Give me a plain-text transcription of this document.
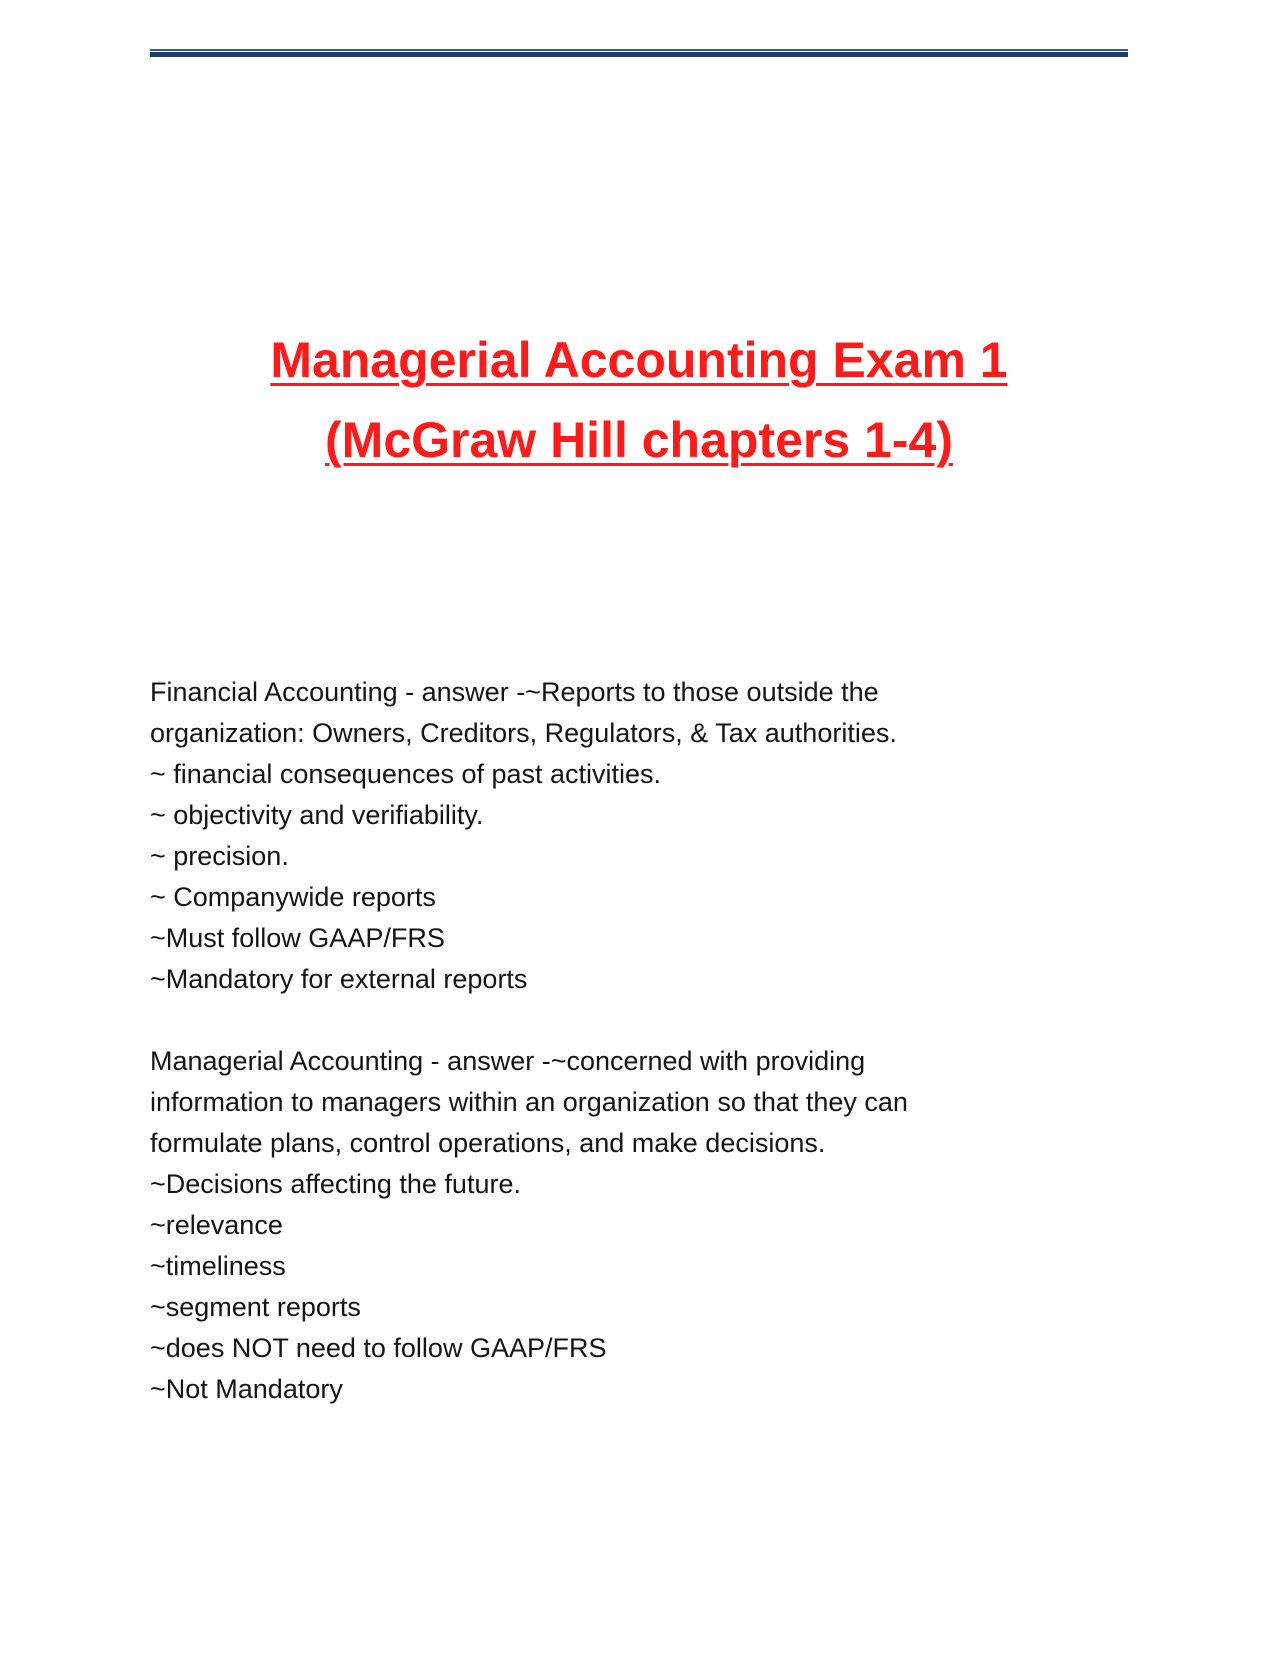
Managerial Accounting Exam 1
(McGraw Hill chapters 1-4)
Financial Accounting - answer -~Reports to those outside the
organization: Owners, Creditors, Regulators, & Tax authorities.
~ financial consequences of past activities.
~ objectivity and verifiability.
~ precision.
~ Companywide reports
~Must follow GAAP/FRS
~Mandatory for external reports
Managerial Accounting - answer -~concerned with providing
information to managers within an organization so that they can
formulate plans, control operations, and make decisions.
~Decisions affecting the future.
~relevance
~timeliness
~segment reports
~does NOT need to follow GAAP/FRS
~Not Mandatory
